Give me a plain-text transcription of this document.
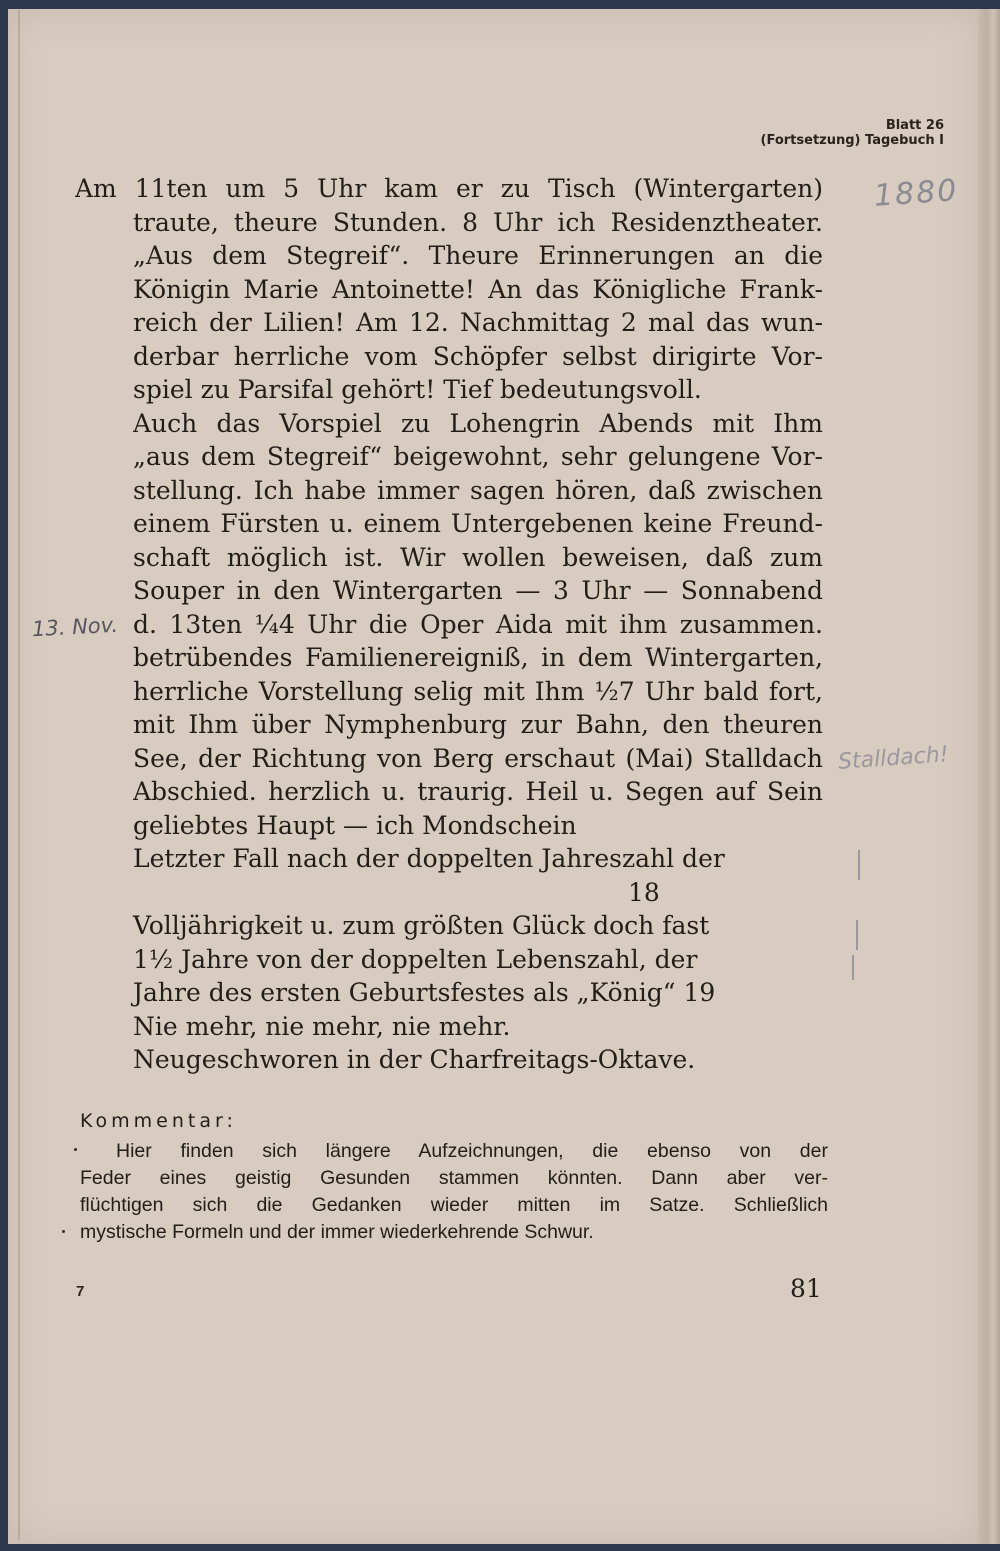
Blatt 26
(Fortsetzung) Tagebuch I
1880
13. Nov.
Stalldach!
Am 11ten um 5 Uhr kam er zu Tisch (Wintergarten)
traute, theure Stunden. 8 Uhr ich Residenztheater.
„Aus dem Stegreif“. Theure Erinnerungen an die
Königin Marie Antoinette! An das Königliche Frank-
reich der Lilien! Am 12. Nachmittag 2 mal das wun-
derbar herrliche vom Schöpfer selbst dirigirte Vor-
spiel zu Parsifal gehört! Tief bedeutungsvoll.
Auch das Vorspiel zu Lohengrin Abends mit Ihm
„aus dem Stegreif“ beigewohnt, sehr gelungene Vor-
stellung. Ich habe immer sagen hören, daß zwischen
einem Fürsten u. einem Untergebenen keine Freund-
schaft möglich ist. Wir wollen beweisen, daß zum
Souper in den Wintergarten — 3 Uhr — Sonnabend
d. 13ten ¼4 Uhr die Oper Aida mit ihm zusammen.
betrübendes Familienereigniß, in dem Wintergarten,
herrliche Vorstellung selig mit Ihm ½7 Uhr bald fort,
mit Ihm über Nymphenburg zur Bahn, den theuren
See, der Richtung von Berg erschaut (Mai) Stalldach
Abschied. herzlich u. traurig. Heil u. Segen auf Sein
geliebtes Haupt — ich Mondschein
Letzter Fall nach der doppelten Jahreszahl der
18
Volljährigkeit u. zum größten Glück doch fast
1½ Jahre von der doppelten Lebenszahl, der
Jahre des ersten Geburtsfestes als „König“ 19
Nie mehr, nie mehr, nie mehr.
Neugeschworen in der Charfreitags-Oktave.
Kommentar:
Hier finden sich längere Aufzeichnungen, die ebenso von der
Feder eines geistig Gesunden stammen könnten. Dann aber ver-
flüchtigen sich die Gedanken wieder mitten im Satze. Schließlich
mystische Formeln und der immer wiederkehrende Schwur.
7	81
